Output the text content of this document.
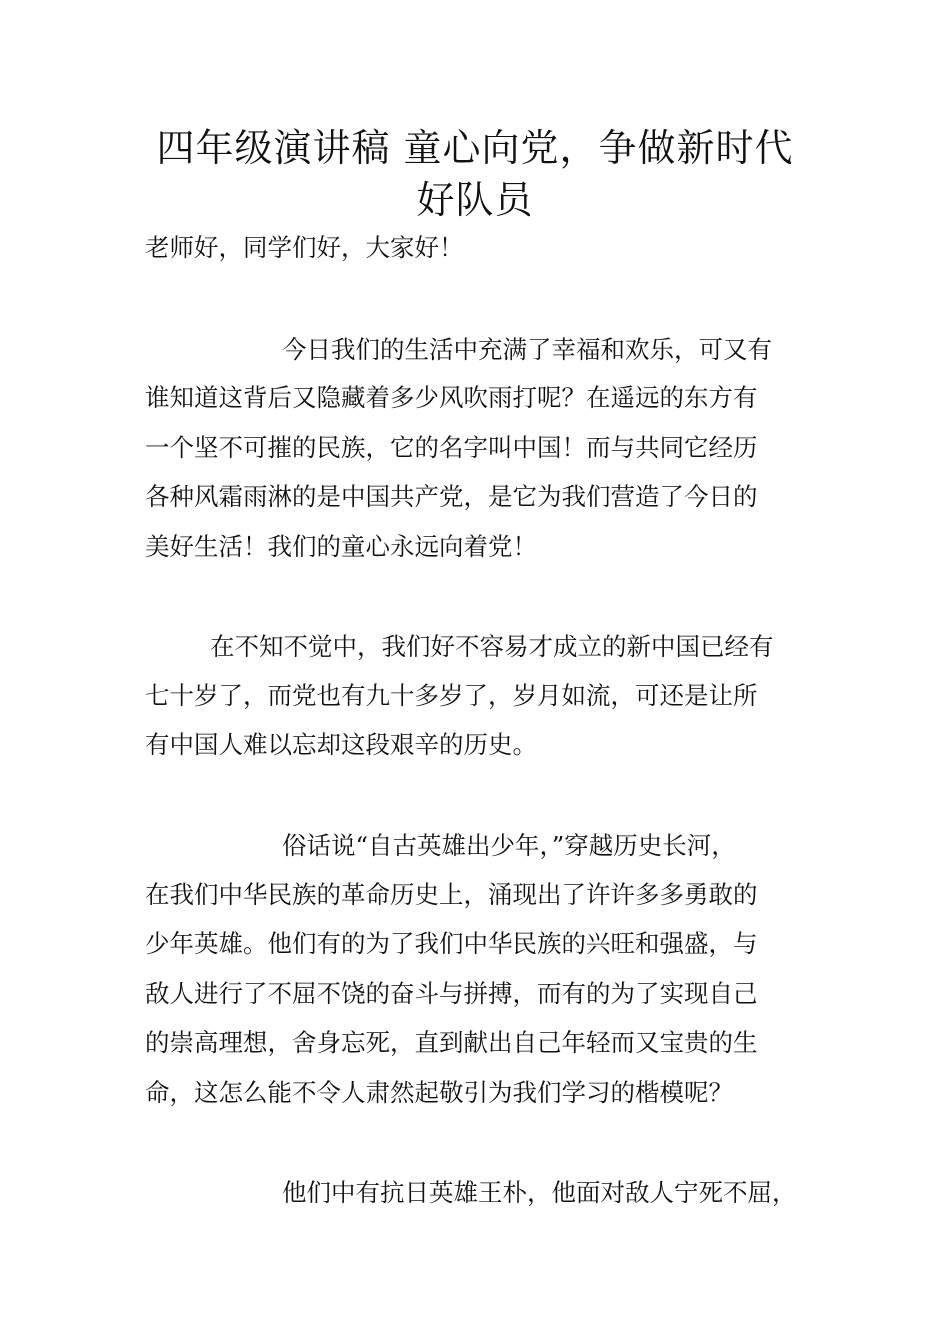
四年级演讲稿 童心向党，争做新时代
好队员

老师好，同学们好，大家好！

今日我们的生活中充满了幸福和欢乐，可又有

谁知道这背后又隐藏着多少风吹雨打呢？在遥远的东方有

一个坚不可摧的民族，它的名字叫中国！而与共同它经历

各种风霜雨淋的是中国共产党，是它为我们营造了今日的

美好生活！我们的童心永远向着党！

在不知不觉中，我们好不容易才成立的新中国已经有

七十岁了，而党也有九十多岁了，岁月如流，可还是让所

有中国人难以忘却这段艰辛的历史。

俗话说“自古英雄出少年，”穿越历史长河，

在我们中华民族的革命历史上，涌现出了许许多多勇敢的

少年英雄。他们有的为了我们中华民族的兴旺和强盛，与

敌人进行了不屈不饶的奋斗与拼搏，而有的为了实现自己

的崇高理想，舍身忘死，直到献出自己年轻而又宝贵的生

命，这怎么能不令人肃然起敬引为我们学习的楷模呢？

他们中有抗日英雄王朴，他面对敌人宁死不屈，
